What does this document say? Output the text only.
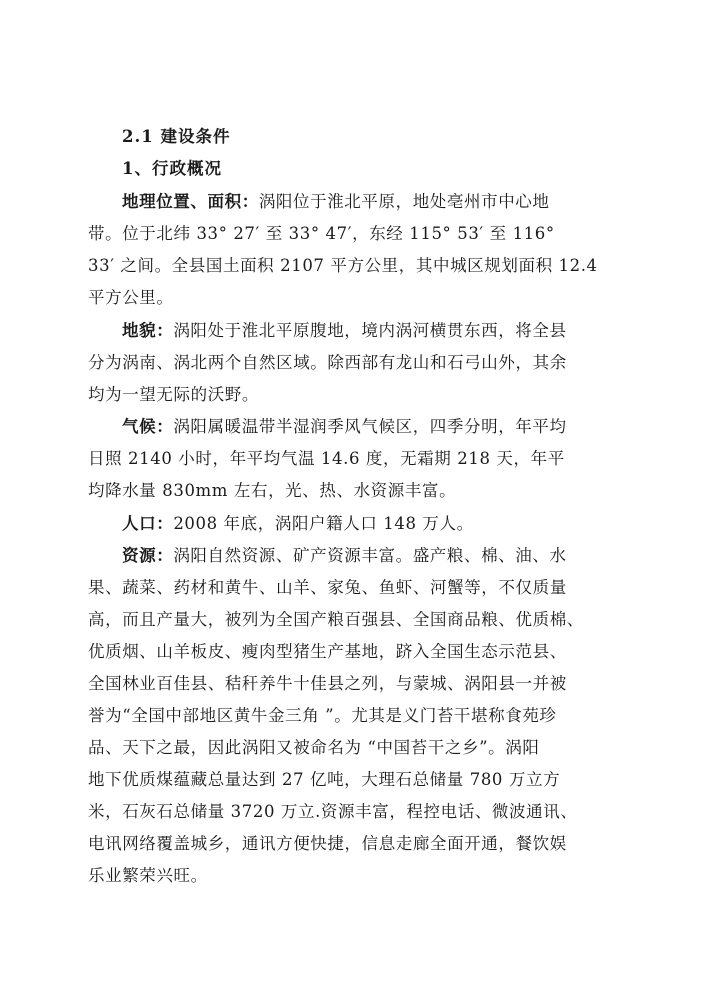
2.1 建设条件
1、行政概况
地理位置、面积：涡阳位于淮北平原，地处亳州市中心地
带。位于北纬 33° 27′ 至 33° 47′，东经 115° 53′ 至 116°
33′ 之间。全县国土面积 2107 平方公里，其中城区规划面积 12.4
平方公里。
地貌：涡阳处于淮北平原腹地，境内涡河横贯东西，将全县
分为涡南、涡北两个自然区域。除西部有龙山和石弓山外，其余
均为一望无际的沃野。
气候：涡阳属暖温带半湿润季风气候区，四季分明，年平均
日照 2140 小时，年平均气温 14.6 度，无霜期 218 天，年平
均降水量 830mm 左右，光、热、水资源丰富。
人口：2008 年底，涡阳户籍人口 148 万人。
资源：涡阳自然资源、矿产资源丰富。盛产粮、棉、油、水
果、蔬菜、药材和黄牛、山羊、家兔、鱼虾、河蟹等，不仅质量
高，而且产量大，被列为全国产粮百强县、全国商品粮、优质棉、
优质烟、山羊板皮、瘦肉型猪生产基地，跻入全国生态示范县、
全国林业百佳县、秸秆养牛十佳县之列，与蒙城、涡阳县一并被
誉为“全国中部地区黄牛金三角 ”。尤其是义门苔干堪称食苑珍
品、天下之最，因此涡阳又被命名为 “中国苔干之乡”。涡阳
地下优质煤蕴藏总量达到 27 亿吨，大理石总储量 780 万立方
米，石灰石总储量 3720 万立.资源丰富，程控电话、微波通讯、
电讯网络覆盖城乡，通讯方便快捷，信息走廊全面开通，餐饮娱
乐业繁荣兴旺。
